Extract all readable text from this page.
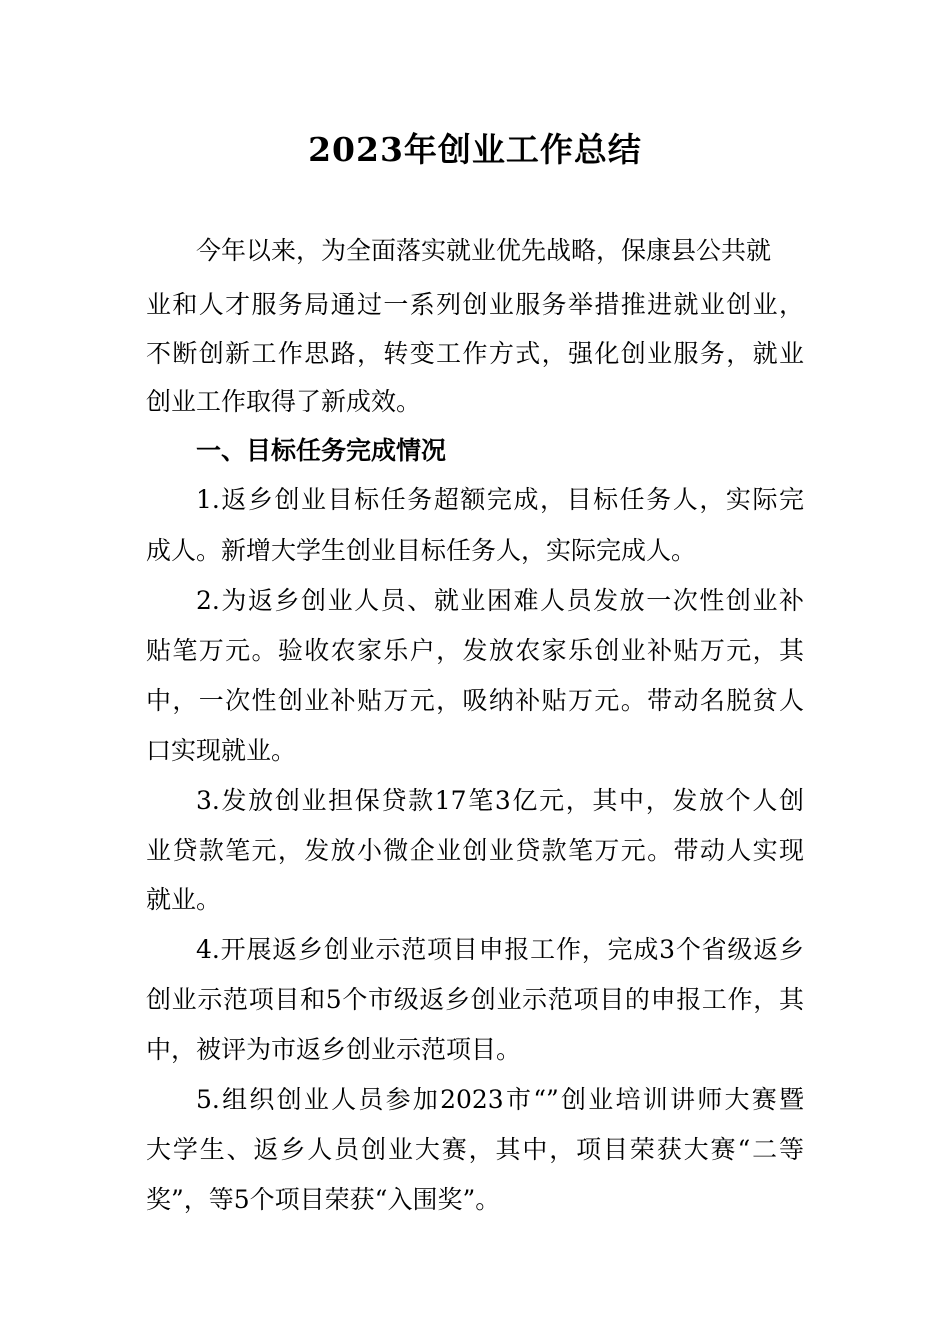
2023年创业工作总结

今年以来，为全面落实就业优先战略，保康县公共就

业和人才服务局通过一系列创业服务举措推进就业创业，

不断创新工作思路，转变工作方式，强化创业服务，就业

创业工作取得了新成效。

一、目标任务完成情况

1.返乡创业目标任务超额完成，目标任务人，实际完

成人。新增大学生创业目标任务人，实际完成人。

2.为返乡创业人员、就业困难人员发放一次性创业补

贴笔万元。验收农家乐户，发放农家乐创业补贴万元，其

中，一次性创业补贴万元，吸纳补贴万元。带动名脱贫人

口实现就业。

3.发放创业担保贷款17笔3亿元，其中，发放个人创

业贷款笔元，发放小微企业创业贷款笔万元。带动人实现

就业。

4.开展返乡创业示范项目申报工作，完成3个省级返乡

创业示范项目和5个市级返乡创业示范项目的申报工作，其

中，被评为市返乡创业示范项目。

5.组织创业人员参加2023市“”创业培训讲师大赛暨

大学生、返乡人员创业大赛，其中，项目荣获大赛“二等

奖”，等5个项目荣获“入围奖”。
